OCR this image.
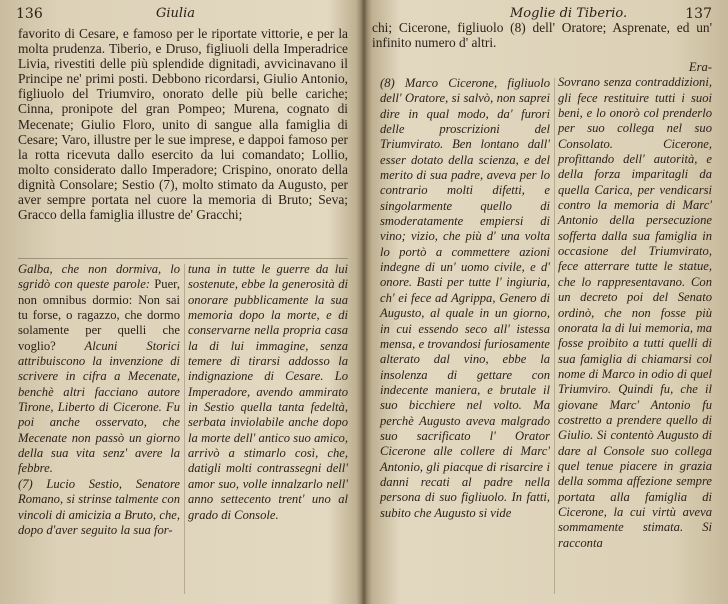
136	Giulia
favorito di Cesare, e famoso per le riportate vittorie, e per la molta prudenza. Tiberio, e Druso, figliuoli della Imperadrice Livia, rivestiti delle più splendide dignitadi, avvicinavano il Principe ne' primi posti. Debbono ricordarsi, Giulio Antonio, figliuolo del Triumviro, onorato delle più belle cariche; Cinna, pronipote del gran Pompeo; Murena, cognato di Mecenate; Giulio Floro, unito di sangue alla famiglia di Cesare; Varo, illustre per le sue imprese, e dappoi famoso per la rotta ricevuta dallo esercito da lui comandato; Lollio, molto considerato dallo Imperadore; Crispino, onorato della dignità Consolare; Sestio (7), molto stimato da Augusto, per aver sempre portata nel cuore la memoria di Bruto; Seva; Gracco della famiglia illustre de' Gracchi;
Galba, che non dormiva, lo sgridò con queste parole: Puer, non omnibus dormio: Non sai tu forse, o ragazzo, che dormo solamente per quelli che voglio? Alcuni Storici attribuiscono la invenzione di scrivere in cifra a Mecenate, benchè altri facciano autore Tirone, Liberto di Cicerone. Fu poi anche osservato, che Mecenate non passò un giorno della sua vita senz' avere la febbre.
(7) Lucio Sestio, Senatore Romano, si strinse talmente con vincoli di amicizia a Bruto, che, dopo d'aver seguito la sua for-
tuna in tutte le guerre da lui sostenute, ebbe la generosità di onorare pubblicamente la sua memoria dopo la morte, e di conservarne nella propria casa la di lui immagine, senza temere di tirarsi addosso la indignazione di Cesare. Lo Imperadore, avendo ammirato in Sestio quella tanta fedeltà, serbata inviolabile anche dopo la morte dell' antico suo amico, arrivò a stimarlo così, che, datigli molti contrassegni dell' amor suo, volle innalzarlo nell' anno settecento trent' uno al grado di Console.
Moglie di Tiberio.	137
chi; Cicerone, figliuolo (8) dell' Oratore; Asprenate, ed un' infinito numero d' altri.
(8) Marco Cicerone, figliuolo dell' Oratore, si salvò, non saprei dire in qual modo, da' furori delle proscrizioni del Triumvirato. Ben lontano dall' esser dotato della scienza, e del merito di sua padre, aveva per lo contrario molti difetti, e singolarmente quello di smoderatamente empiersi di vino; vizio, che più d' una volta lo portò a commettere azioni indegne di un' uomo civile, e d' onore. Basti per tutte l' ingiuria, ch' ei fece ad Agrippa, Genero di Augusto, al quale in un giorno, in cui essendo seco all' istessa mensa, e trovandosi furiosamente alterato dal vino, ebbe la insolenza di gettare con indecente maniera, e brutale il suo bicchiere nel volto. Ma perchè Augusto aveva malgrado suo sacrificato l' Orator Cicerone alle collere di Marc' Antonio, gli piacque di risarcire i danni recati al padre nella persona di suo figliuolo. In fatti, subito che Augusto si vide
Era-
Sovrano senza contraddizioni, gli fece restituire tutti i suoi beni, e lo onorò col prenderlo per suo collega nel suo Consolato. Cicerone, profittando dell' autorità, e della forza imparitagli da quella Carica, per vendicarsi contro la memoria di Marc' Antonio della persecuzione sofferta dalla sua famiglia in occasione del Triumvirato, fece atterrare tutte le statue, che lo rappresentavano. Con un decreto poi del Senato ordinò, che non fosse più onorata la di lui memoria, ma fosse proibito a tutti quelli di sua famiglia di chiamarsi col nome di Marco in odio di quel Triumviro. Quindi fu, che il giovane Marc' Antonio fu costretto a prendere quello di Giulio. Si contentò Augusto di dare al Console suo collega quel tenue piacere in grazia della somma affezione sempre portata alla famiglia di Cicerone, la cui virtù aveva sommamente stimata. Si racconta
